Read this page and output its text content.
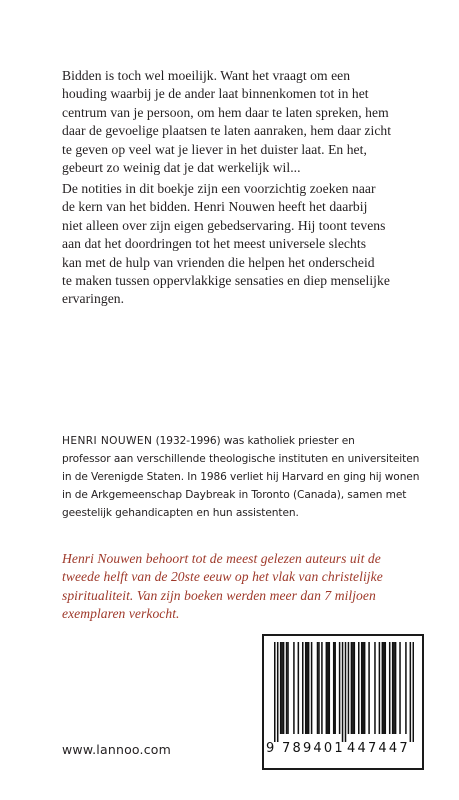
Bidden is toch wel moeilijk. Want het vraagt om een
houding waarbij je de ander laat binnenkomen tot in het
centrum van je persoon, om hem daar te laten spreken, hem
daar de gevoelige plaatsen te laten aanraken, hem daar zicht
te geven op veel wat je liever in het duister laat. En het,
gebeurt zo weinig dat je dat werkelijk wil...
De notities in dit boekje zijn een voorzichtig zoeken naar
de kern van het bidden. Henri Nouwen heeft het daarbij
niet alleen over zijn eigen gebedservaring. Hij toont tevens
aan dat het doordringen tot het meest universele slechts
kan met de hulp van vrienden die helpen het onderscheid
te maken tussen oppervlakkige sensaties en diep menselijke
ervaringen.
HENRI NOUWEN (1932-1996) was katholiek priester en
professor aan verschillende theologische instituten en universiteiten
in de Verenigde Staten. In 1986 verliet hij Harvard en ging hij wonen
in de Arkgemeenschap Daybreak in Toronto (Canada), samen met
geestelijk gehandicapten en hun assistenten.
Henri Nouwen behoort tot de meest gelezen auteurs uit de
tweede helft van de 20ste eeuw op het vlak van christelijke
spiritualiteit. Van zijn boeken werden meer dan 7 miljoen
exemplaren verkocht.
9 789401 447447
www.lannoo.com
